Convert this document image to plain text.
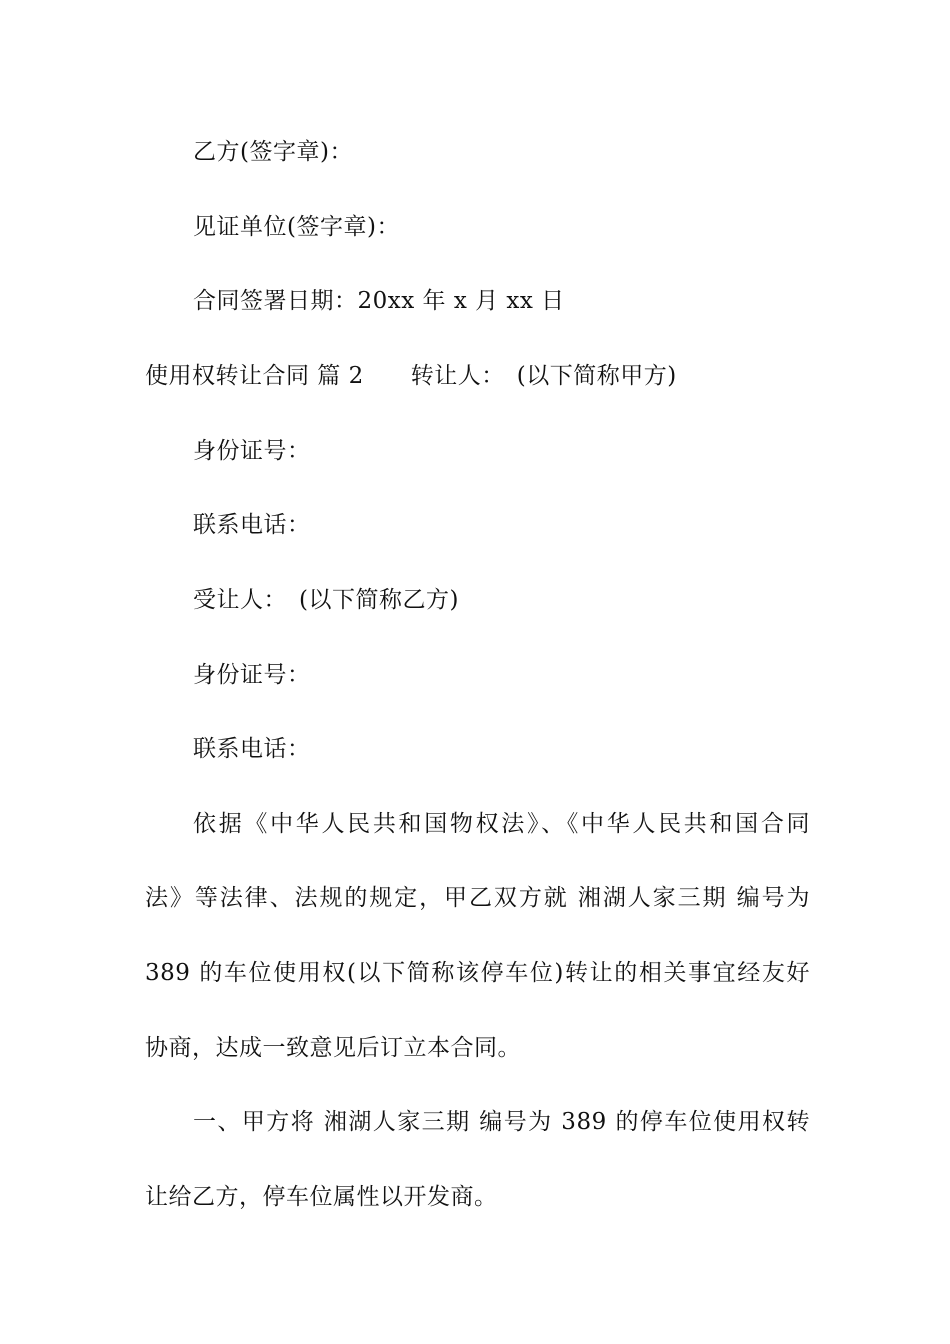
乙方(签字章)：
见证单位(签字章)：
合同签署日期：20xx 年 x 月 xx 日
使用权转让合同 篇 2　　转让人：　(以下简称甲方)
身份证号：
联系电话：
受让人：　(以下简称乙方)
身份证号：
联系电话：
依据《中华人民共和国物权法》、《中华人民共和国合同
法》等法律、法规的规定，甲乙双方就 湘湖人家三期 编号为
389 的车位使用权(以下简称该停车位)转让的相关事宜经友好
协商，达成一致意见后订立本合同。
一、甲方将 湘湖人家三期 编号为 389 的停车位使用权转
让给乙方，停车位属性以开发商。
